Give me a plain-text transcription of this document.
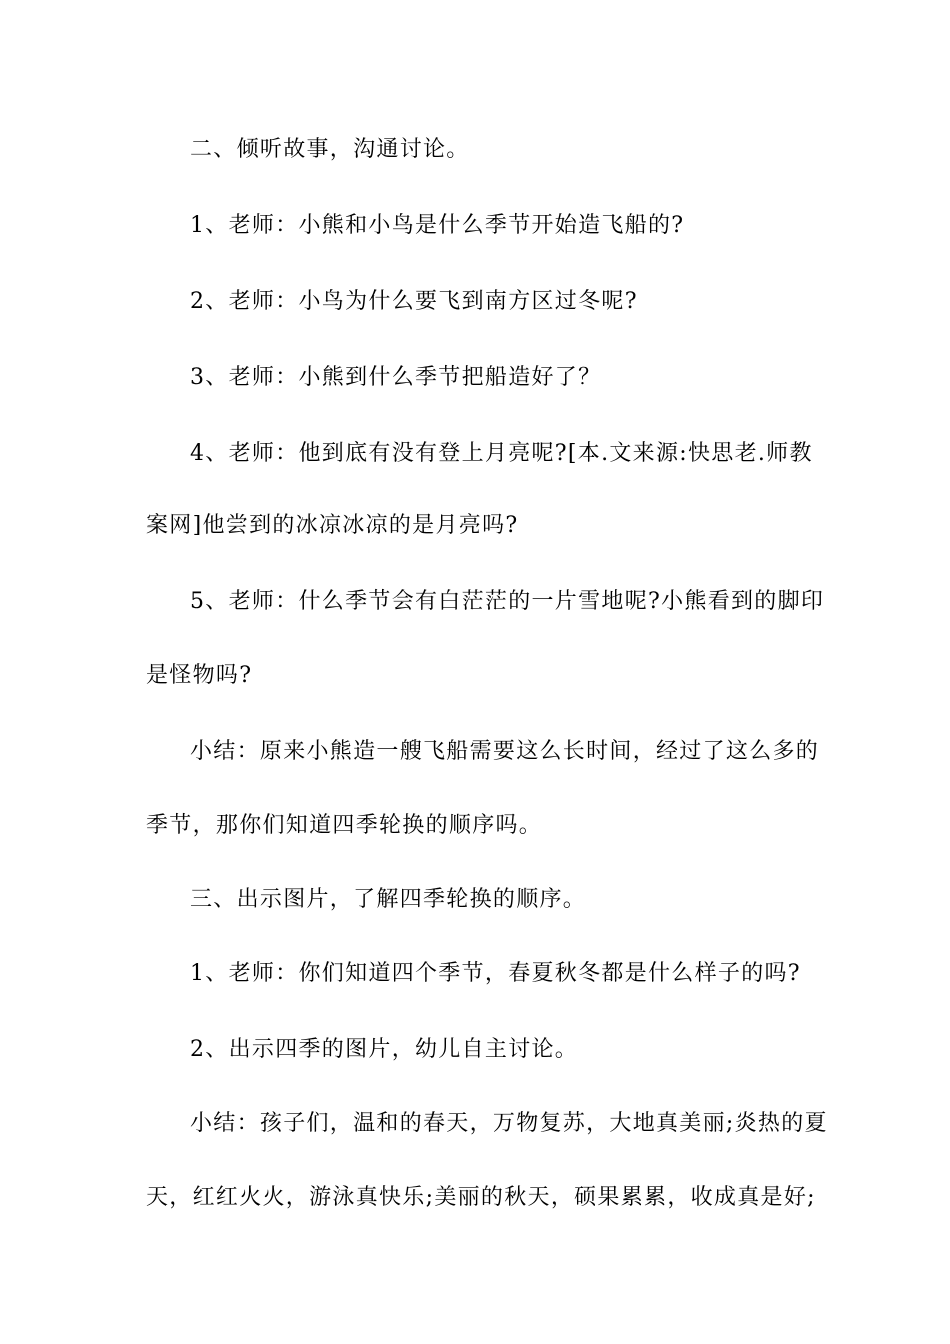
二、倾听故事，沟通讨论。

1、老师：小熊和小鸟是什么季节开始造飞船的?

2、老师：小鸟为什么要飞到南方区过冬呢?

3、老师：小熊到什么季节把船造好了？

4、老师：他到底有没有登上月亮呢?[本.文来源:快思老.师教

案网]他尝到的冰凉冰凉的是月亮吗?

5、老师：什么季节会有白茫茫的一片雪地呢?小熊看到的脚印

是怪物吗?

小结：原来小熊造一艘飞船需要这么长时间，经过了这么多的

季节，那你们知道四季轮换的顺序吗。

三、出示图片，了解四季轮换的顺序。

1、老师：你们知道四个季节，春夏秋冬都是什么样子的吗?

2、出示四季的图片，幼儿自主讨论。

小结：孩子们，温和的春天，万物复苏，大地真美丽;炎热的夏

天，红红火火，游泳真快乐;美丽的秋天，硕果累累，收成真是好;
